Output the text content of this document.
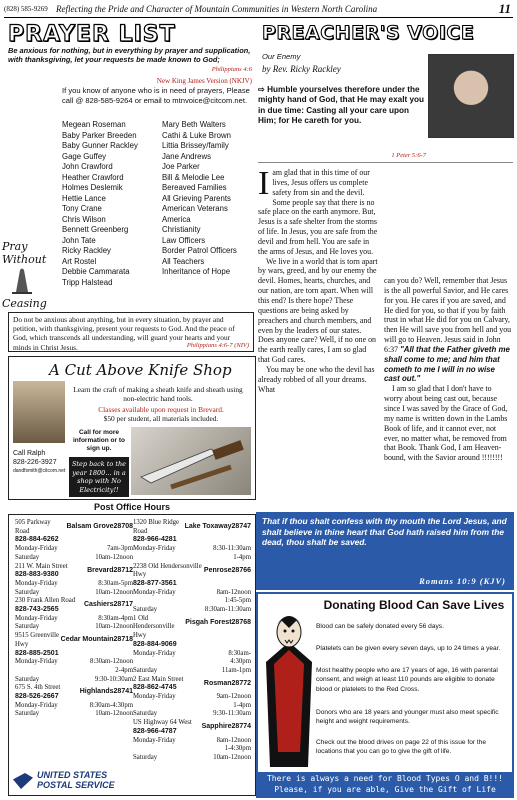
(828) 585-9269 Reflecting the Pride and Character of Mountain Communities in Western North Carolina	11
PRAYER LIST
Be anxious for nothing, but in everything by prayer and supplication, with thanksgiving, let your requests be made known to God;
Philippians 4:6
New King James Version (NKJV)
If you know of anyone who is in need of prayers, Please call @ 828-585-9264 or email to mtnvoice@citcom.net.
Megean Roseman
Baby Parker Breeden
Baby Gunner Rackley
Gage Guffey
John Crawford
Heather Crawford
Holmes Deslemik
Hettie Lance
Tony Crane
Chris Wilson
Bennett Greenberg
John Tate
Ricky Rackley
Art Rostel
Debbie Cammarata
Tripp Halstead
Mary Beth Walters
Cathi & Luke Brown
Littia Brissey/family
Jane Andrews
Joe Parker
Bill & Melodie Lee
Bereaved Families
All Grieving Parents
American Veterans
America
Christianity
Law Officers
Border Patrol Officers
All Teachers
Inheritance of Hope
Pray Without
Ceasing
Do not be anxious about anything, but in every situation, by prayer and petition, with thanksgiving, present your requests to God. And the peace of God, which transcends all understanding, will guard your hearts and your minds in Christ Jesus.	Philippians 4:6-7 (NIV)
A Cut Above Knife Shop
Learn the craft of making a sheath knife and sheath using non-electric hand tools.
Classes available upon request in Brevard.
$50 per student, all materials included.
Call for more information or to sign up.
Call Ralph
828-226-3927
dandfsmith@citcom.net
Step back to the year 1800... in a shop with No Electricity!!
Post Office Hours
28708
Balsam Grove
505 Parkway Road
828-884-6262
Monday-Friday	7am-3pm
Saturday	10am-12noon
28712
Brevard
211 W. Main Street
828-883-9380
Monday-Friday	8:30am-5pm
Saturday	10am-12noon
28717
Cashiers
230 Frank Allen Road
828-743-2565
Monday-Friday	8:30am-4pm
Saturday	10am-12noon
28718
Cedar Mountain
9515 Greenville Hwy
828-885-2501
Monday-Friday	8:30am-12noon
2-4pm
Saturday	9:30-10:30am
28741
Highlands
675 S. 4th Street
828-526-2667
Monday-Friday	8:30am-4:30pm
Saturday	10am-12noon
28747
Lake Toxaway
1320 Blue Ridge Road
828-966-4281
Monday-Friday	8:30-11:30am
1-4pm
28766
Penrose
2238 Old Hendersonville Hwy
828-877-3561
Monday-Friday	8am-12noon
1:45-5pm
Saturday	8:30am-11:30am
28768
Pisgah Forest
1 Old Hendersonville Hwy
828-884-9069
Monday-Friday	8:30am-
4:30pm
Saturday	11am-1pm
28772
Rosman
2 East Main Street
828-862-4745
Monday-Friday	9am-12noon
1-4pm
Saturday	9:30-11:30am
28774
Sapphire
US Highway 64 West
828-966-4787
Monday-Friday	8am-12noon
1-4:30pm
Saturday	10am-12noon
UNITED STATES
POSTAL SERVICE
PREACHER'S VOICE
Our Enemy
by Rev. Ricky Rackley
⇨ Humble yourselves therefore under the mighty hand of God, that He may exalt you in due time: Casting all your care upon Him; for He careth for you.
1 Peter 5:6-7
I am glad that in this time of our lives, Jesus offers us complete safety from sin and the devil. Some people say that there is no safe place on the earth anymore. But, Jesus is a safe shelter from the storms of life. In Jesus, you are safe from the devil and from hell. You are safe in the arms of Jesus, and He loves you.
We live in a world that is torn apart by wars, greed, and by our enemy the devil. Homes, hearts, churches, and our nation, are torn apart. When will this end? Is there hope? These questions are being asked by preachers and church members, and even by the leaders of our states. Does anyone care? Well, if no one on the earth really cares, I am so glad that God cares.
You may be one who the devil has already robbed of all your dreams. What
can you do? Well, remember that Jesus is the all powerful Savior, and He cares for you. He cares if you are saved, and He died for you, so that if you by faith trust in what He did for you on Calvary, then He will save you from hell and you will go to Heaven. Jesus said in John 6:37 "All that the Father giveth me shall come to me; and him that cometh to me I will in no wise cast out."
I am so glad that I don't have to worry about being cast out, because since I was saved by the Grace of God, my name is written down in the Lambs Book of life, and it cannot ever, not ever, no matter what, be removed from that Book. Thank God, I am Heaven-bound, with the Savior around !!!!!!!!
That if thou shalt confess with thy mouth the Lord Jesus, and shalt believe in thine heart that God hath raised him from the dead, thou shalt be saved.
Romans 10:9 (KJV)
Donating Blood Can Save Lives
Blood can be safely donated every 56 days.
Platelets can be given every seven days, up to 24 times a year.
Most healthy people who are 17 years of age, 16 with parental consent, and weigh at least 110 pounds are eligible to donate blood or platelets to the Red Cross.
Donors who are 18 years and younger must also meet specific height and weight requirements.
Check out the blood drives on page 22 of this issue for the locations that you can go to give the gift of life.
There is always a need for Blood Types O and B!!!
Please, if you are able, Give the Gift of Life
